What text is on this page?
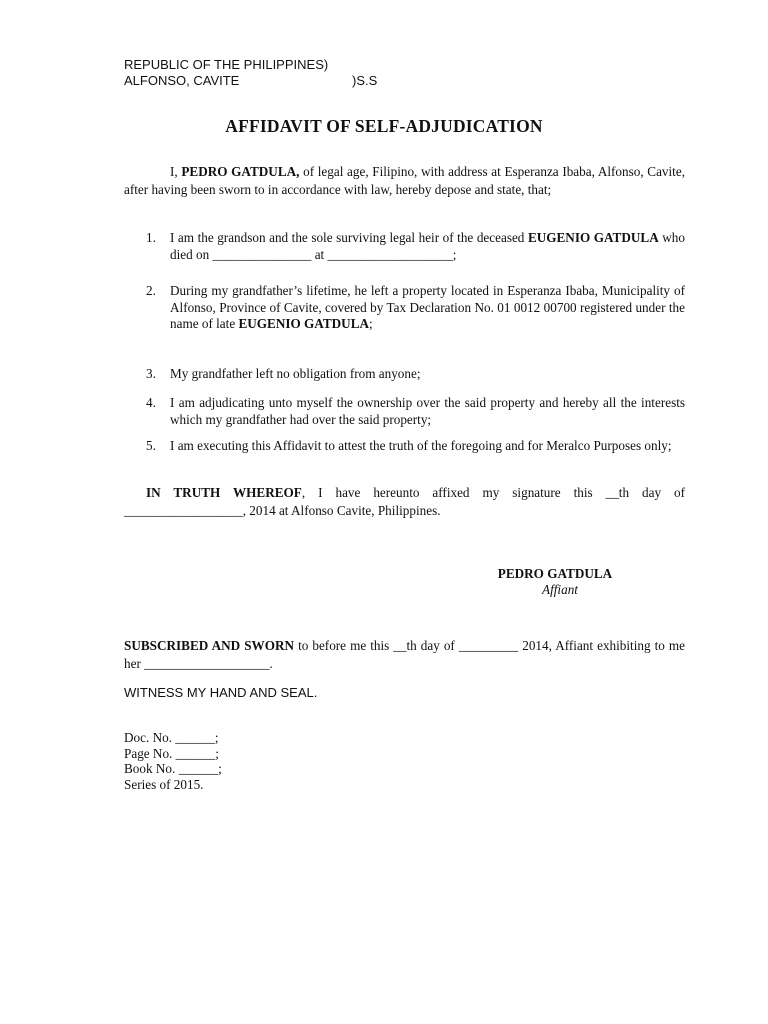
REPUBLIC OF THE PHILIPPINES)
ALFONSO, CAVITE	)S.S
AFFIDAVIT OF SELF-ADJUDICATION

I, PEDRO GATDULA, of legal age, Filipino, with address at Esperanza Ibaba, Alfonso, Cavite, after having been sworn to in accordance with law, hereby depose and state, that;

1. I am the grandson and the sole surviving legal heir of the deceased EUGENIO GATDULA who died on _______________ at ___________________;
2. During my grandfather’s lifetime, he left a property located in Esperanza Ibaba, Municipality of Alfonso, Province of Cavite, covered by Tax Declaration No. 01 0012 00700 registered under the name of late EUGENIO GATDULA;
3. My grandfather left no obligation from anyone;
4. I am adjudicating unto myself the ownership over the said property and hereby all the interests which my grandfather had over the said property;
5. I am executing this Affidavit to attest the truth of the foregoing and for Meralco Purposes only;

IN TRUTH WHEREOF, I have hereunto affixed my signature this __th day of __________________, 2014 at Alfonso Cavite, Philippines.

PEDRO GATDULA
Affiant

SUBSCRIBED AND SWORN to before me this __th day of _________ 2014, Affiant exhibiting to me her ___________________.

WITNESS MY HAND AND SEAL.
Doc. No. ______;
Page No. ______;
Book No. ______;
Series of 2015.
